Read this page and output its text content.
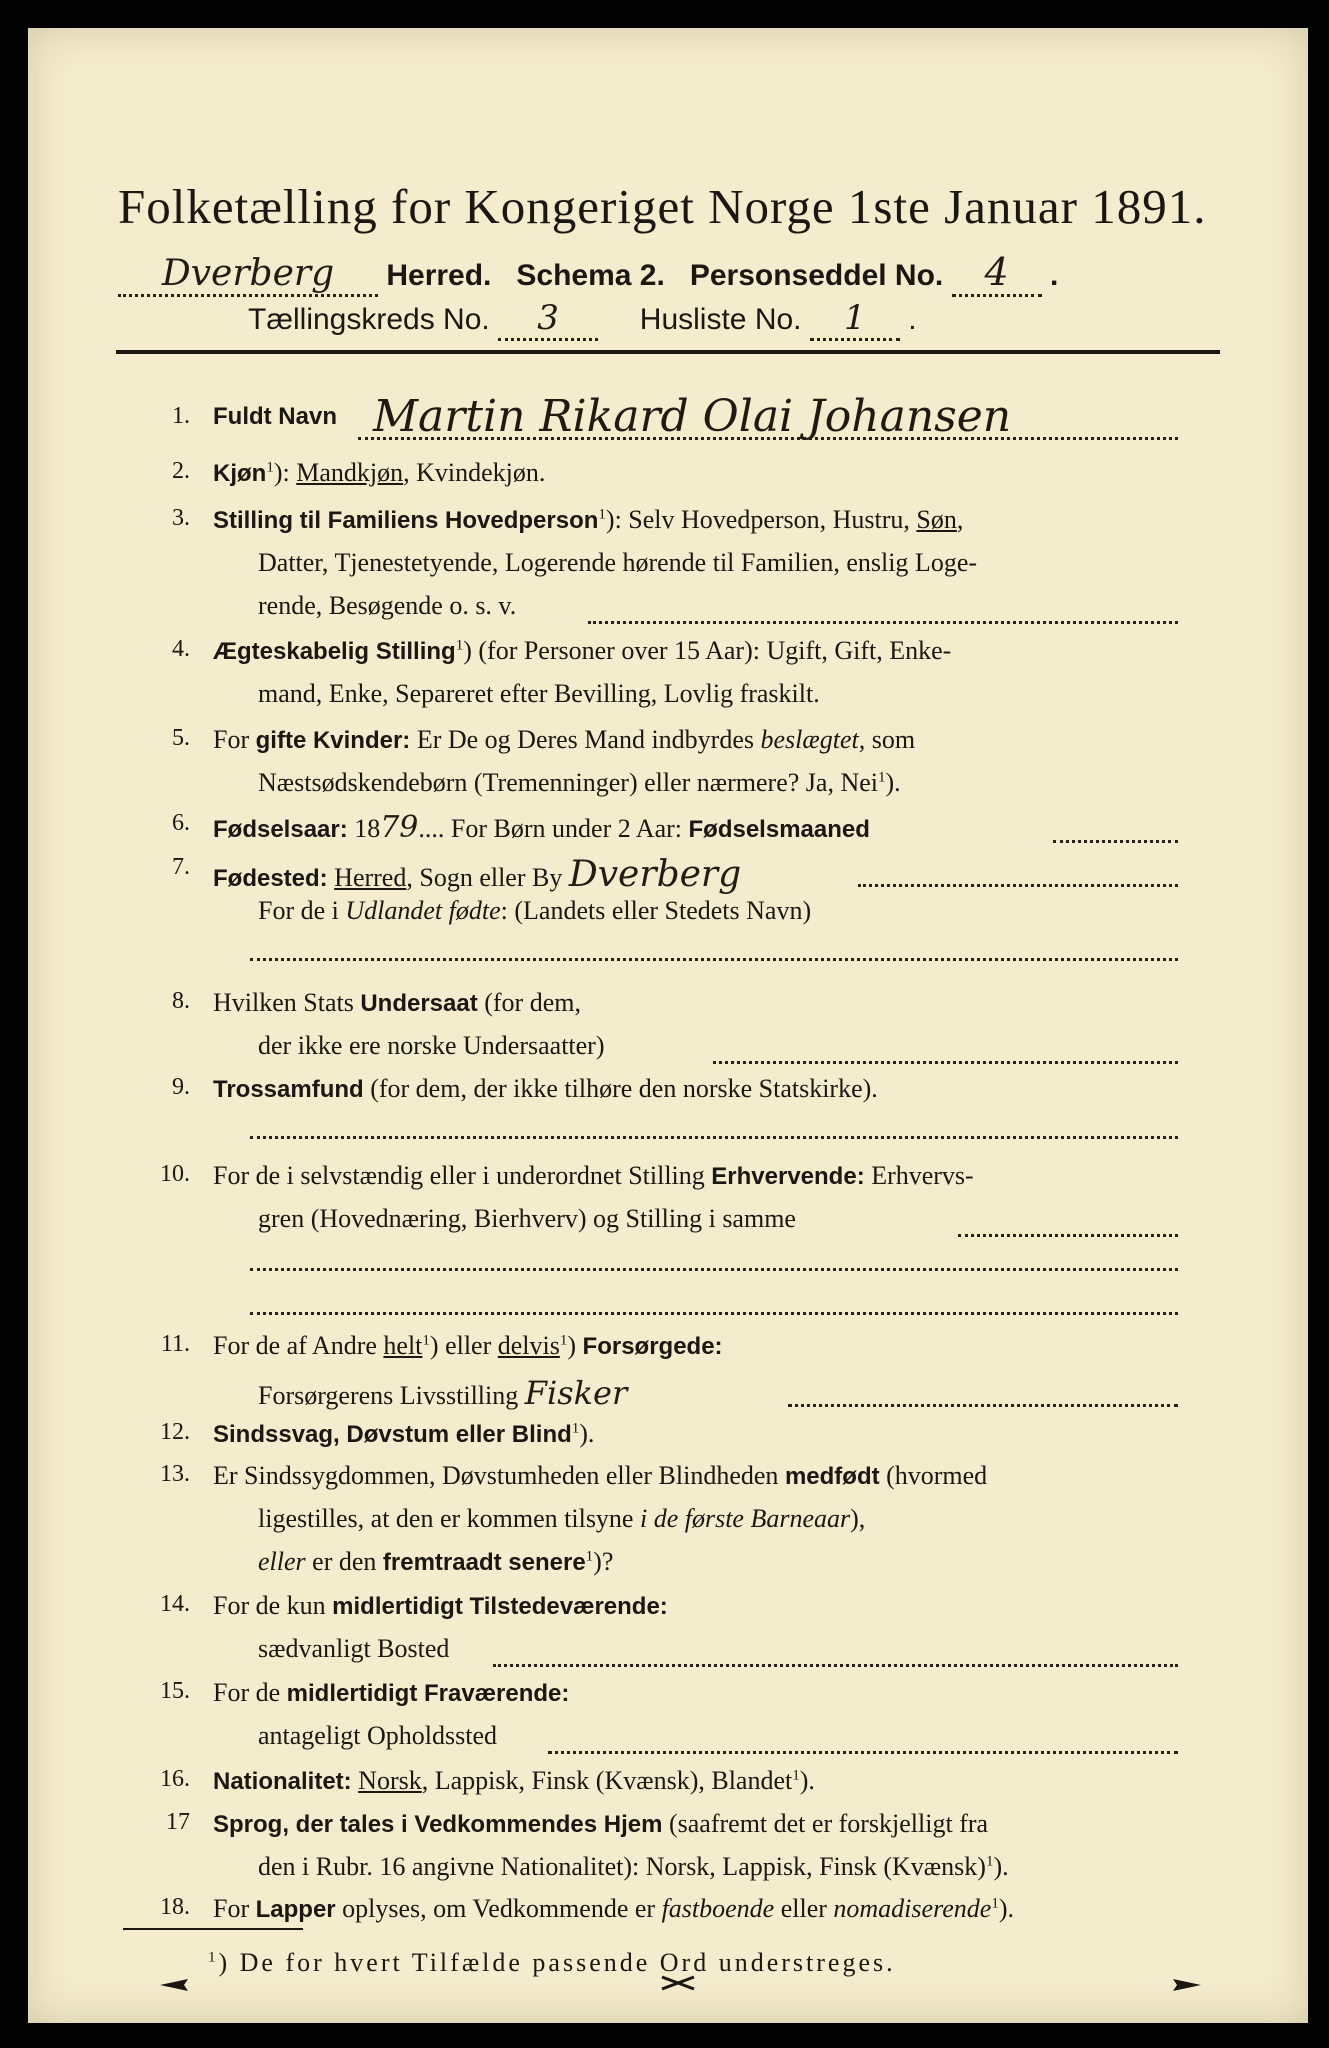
Folketælling for Kongeriget Norge 1ste Januar 1891.
Dverberg Herred. Schema 2. Personseddel No. 4 .
Tællingskreds No. 3	Husliste No. 1 .
1. Fuldt Navn Martin Rikard Olai Johansen
2. Kjøn$^1$): Mandkjøn, Kvindekjøn.
3. Stilling til Familiens Hovedperson$^1$): Selv Hovedperson, Hustru, Søn,
Datter, Tjenestetyende, Logerende hørende til Familien, enslig Loge-
rende, Besøgende o. s. v.
4. Ægteskabelig Stilling$^1$) (for Personer over 15 Aar): Ugift, Gift, Enke-
mand, Enke, Separeret efter Bevilling, Lovlig fraskilt.
5. For gifte Kvinder: Er De og Deres Mand indbyrdes beslægtet, som
Næstsødskendebørn (Tremenninger) eller nærmere? Ja, Nei$^1$).
6. Fødselsaar: 1879.... For Børn under 2 Aar: Fødselsmaaned
7. Fødested: Herred, Sogn eller By Dverberg
For de i Udlandet fødte: (Landets eller Stedets Navn)
8. Hvilken Stats Undersaat (for dem,
der ikke ere norske Undersaatter)
9. Trossamfund (for dem, der ikke tilhøre den norske Statskirke).
10. For de i selvstændig eller i underordnet Stilling Erhvervende: Erhvervs-
gren (Hovednæring, Bierhverv) og Stilling i samme
11. For de af Andre helt$^1$) eller delvis$^1$) Forsørgede:
Forsørgerens Livsstilling Fisker
12. Sindssvag, Døvstum eller Blind$^1$).
13. Er Sindssygdommen, Døvstumheden eller Blindheden medfødt (hvormed
ligestilles, at den er kommen tilsyne i de første Barneaar),
eller er den fremtraadt senere$^1$)?
14. For de kun midlertidigt Tilstedeværende:
sædvanligt Bosted
15. For de midlertidigt Fraværende:
antageligt Opholdssted
16. Nationalitet: Norsk, Lappisk, Finsk (Kvænsk), Blandet$^1$).
17 Sprog, der tales i Vedkommendes Hjem (saafremt det er forskjelligt fra
den i Rubr. 16 angivne Nationalitet): Norsk, Lappisk, Finsk (Kvænsk)$^1$).
18. For Lapper oplyses, om Vedkommende er fastboende eller nomadiserende$^1$).
$^1$) De for hvert Tilfælde passende Ord understreges.
